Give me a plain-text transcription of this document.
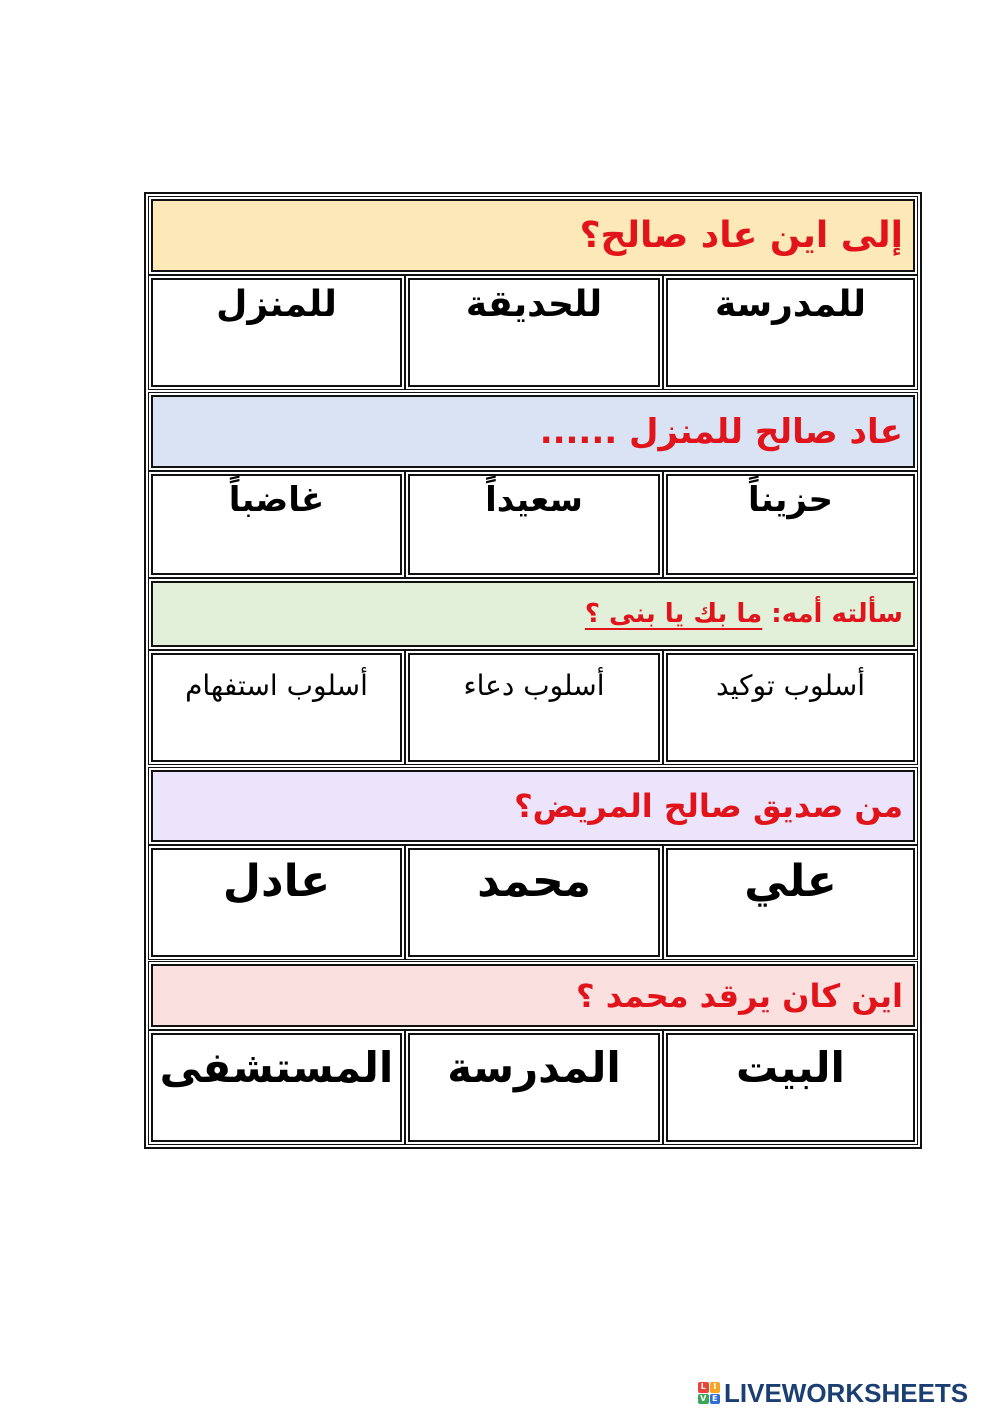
إلى اين عاد صالح؟
للمدرسة
للحديقة
للمنزل
عاد صالح للمنزل ......
حزيناً
سعيداً
غاضباً
سألته أمه: ما بك يا بنى ؟
أسلوب توكيد
أسلوب دعاء
أسلوب استفهام
من صديق صالح المريض؟
علي
محمد
عادل
اين كان يرقد محمد ؟
البيت
المدرسة
المستشفى
L I
V E LIVEWORKSHEETS
